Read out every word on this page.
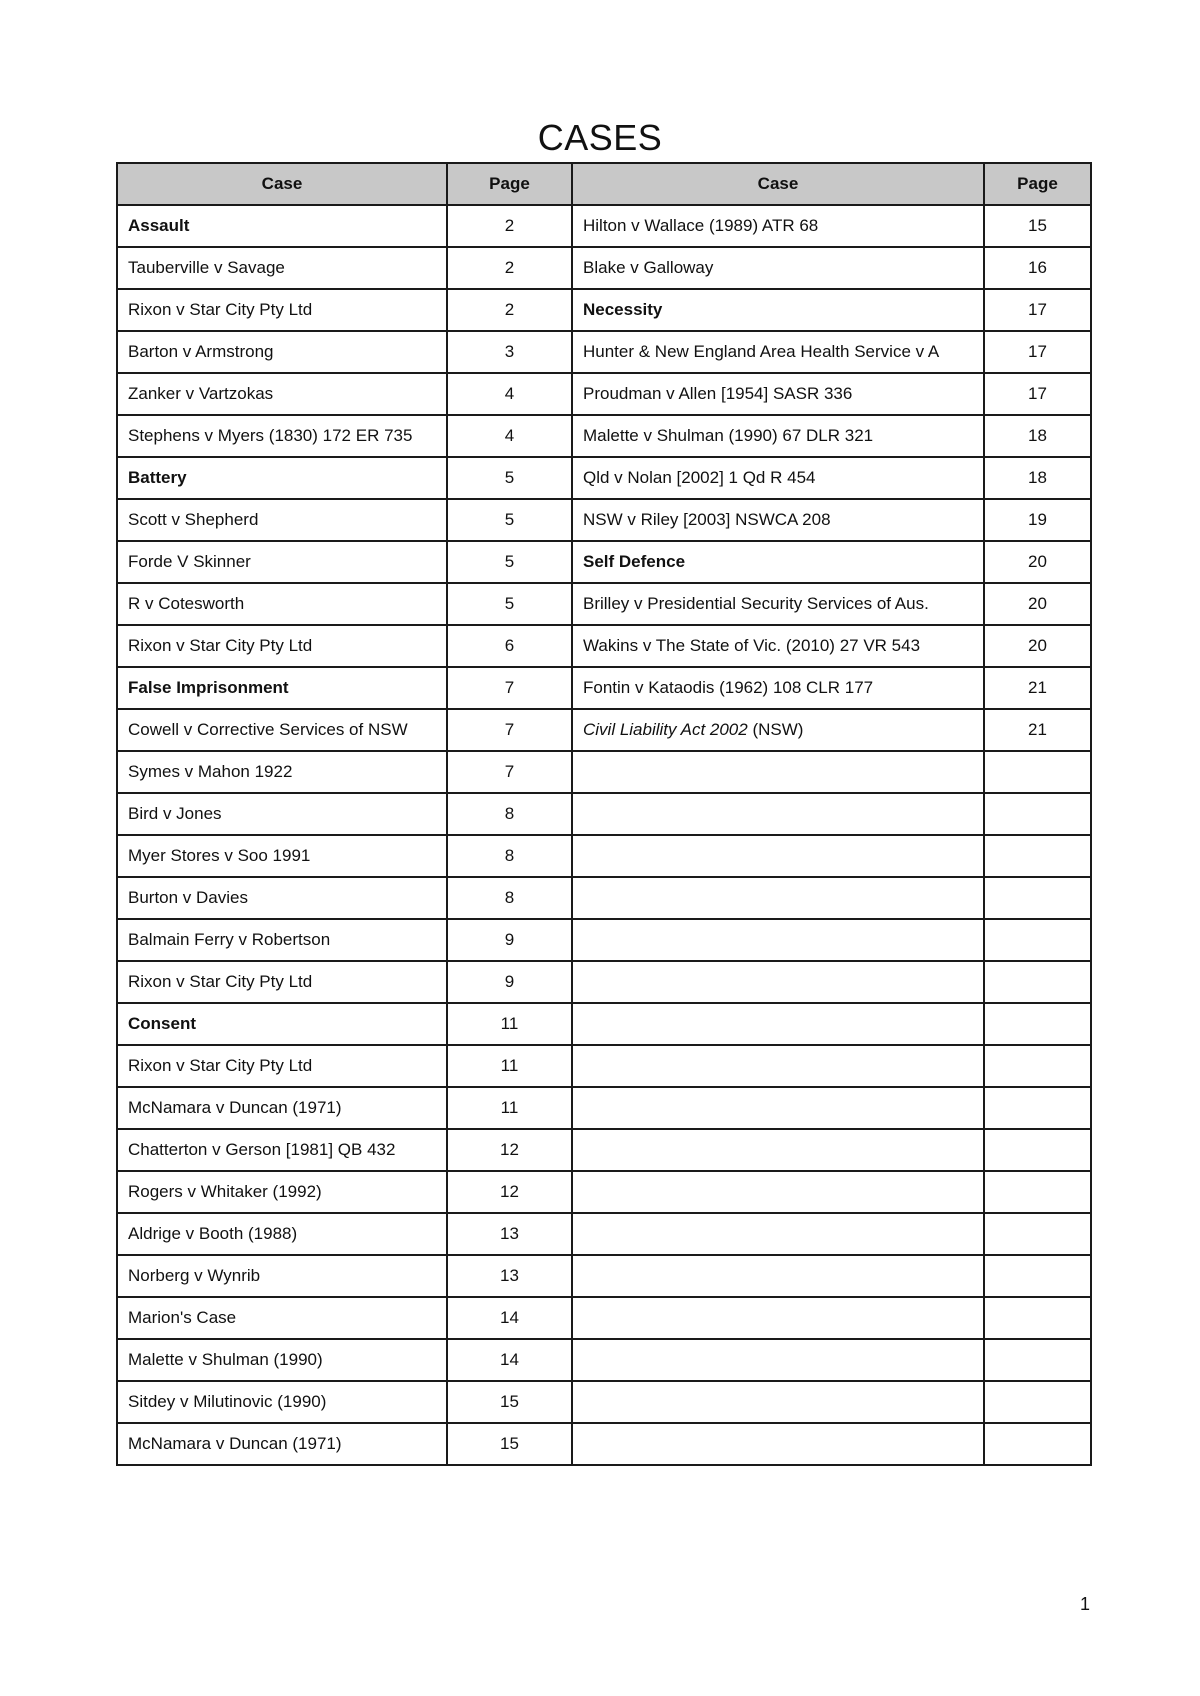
CASES
Case	Page	Case	Page
Assault	2	Hilton v Wallace (1989) ATR 68	15
Tauberville v Savage	2	Blake v Galloway	16
Rixon v Star City Pty Ltd	2	Necessity	17
Barton v Armstrong	3	Hunter & New England Area Health Service v A	17
Zanker v Vartzokas	4	Proudman v Allen [1954] SASR 336	17
Stephens v Myers (1830) 172 ER 735	4	Malette v Shulman (1990) 67 DLR 321	18
Battery	5	Qld v Nolan [2002] 1 Qd R 454	18
Scott v Shepherd	5	NSW v Riley [2003] NSWCA 208	19
Forde V Skinner	5	Self Defence	20
R v Cotesworth	5	Brilley v Presidential Security Services of Aus.	20
Rixon v Star City Pty Ltd	6	Wakins v The State of Vic. (2010) 27 VR 543	20
False Imprisonment	7	Fontin v Kataodis (1962) 108 CLR 177	21
Cowell v Corrective Services of NSW	7	Civil Liability Act 2002 (NSW)	21
Symes v Mahon 1922	7		
Bird v Jones	8		
Myer Stores v Soo 1991	8		
Burton v Davies	8		
Balmain Ferry v Robertson	9		
Rixon v Star City Pty Ltd	9		
Consent	11		
Rixon v Star City Pty Ltd	11		
McNamara v Duncan (1971)	11		
Chatterton v Gerson [1981] QB 432	12		
Rogers v Whitaker (1992)	12		
Aldrige v Booth (1988)	13		
Norberg v Wynrib	13		
Marion's Case	14		
Malette v Shulman (1990)	14		
Sitdey v Milutinovic (1990)	15		
McNamara v Duncan (1971)	15		
1
